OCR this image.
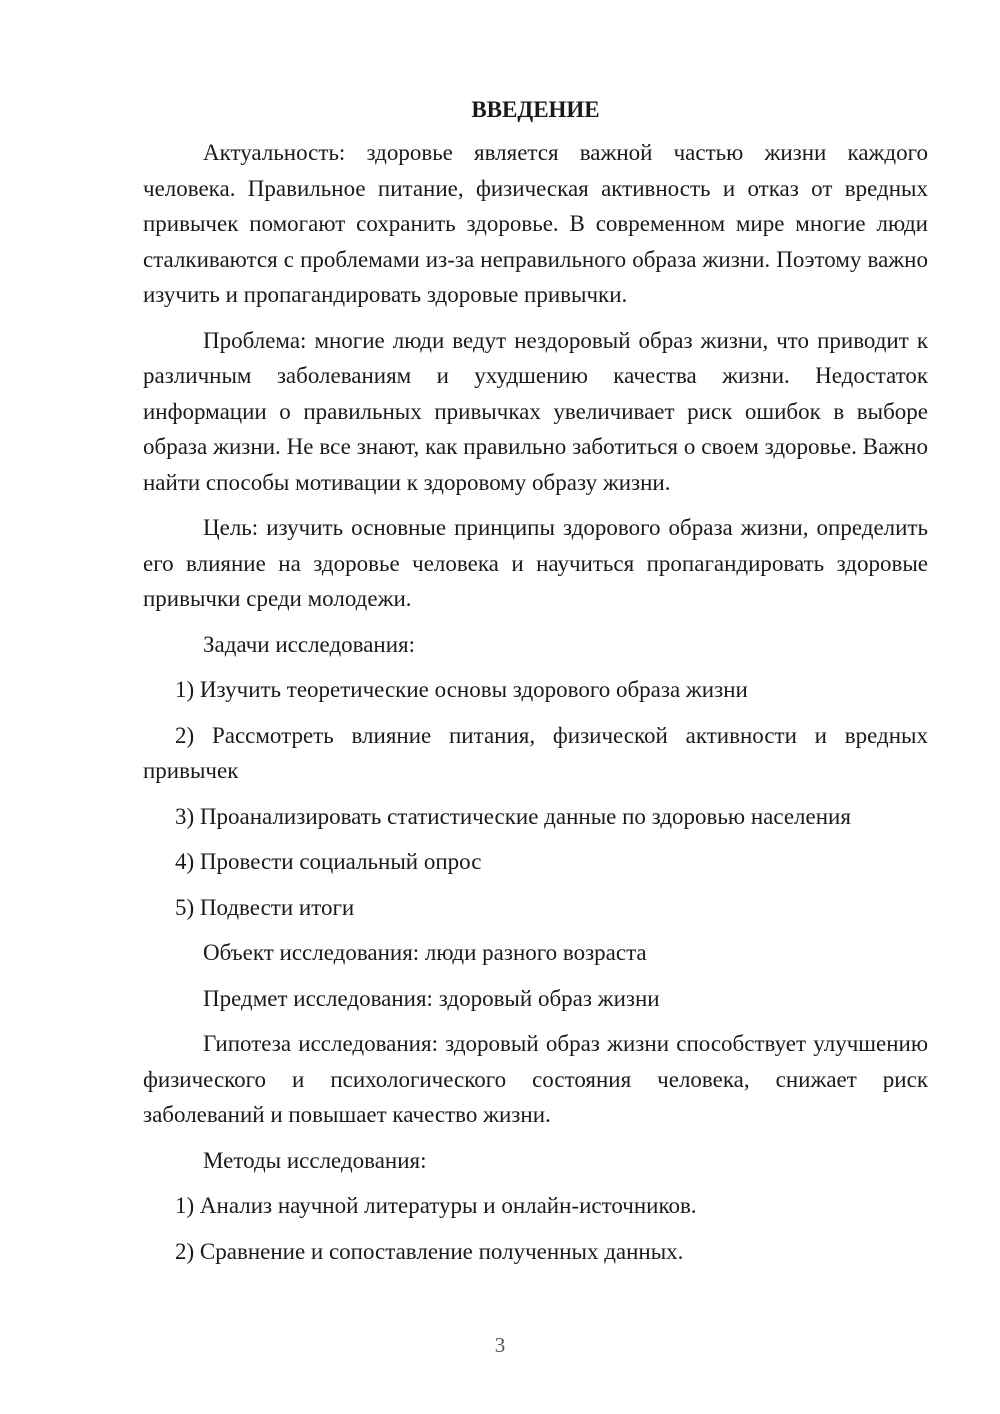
ВВЕДЕНИЕ

Актуальность: здоровье является важной частью жизни каждого человека. Правильное питание, физическая активность и отказ от вредных привычек помогают сохранить здоровье. В современном мире многие люди сталкиваются с проблемами из-за неправильного образа жизни. Поэтому важно изучить и пропагандировать здоровые привычки.

Проблема: многие люди ведут нездоровый образ жизни, что приводит к различным заболеваниям и ухудшению качества жизни. Недостаток информации о правильных привычках увеличивает риск ошибок в выборе образа жизни. Не все знают, как правильно заботиться о своем здоровье. Важно найти способы мотивации к здоровому образу жизни.

Цель: изучить основные принципы здорового образа жизни, определить его влияние на здоровье человека и научиться пропагандировать здоровые привычки среди молодежи.

Задачи исследования:

1) Изучить теоретические основы здорового образа жизни

2) Рассмотреть влияние питания, физической активности и вредных привычек

3) Проанализировать статистические данные по здоровью населения

4) Провести социальный опрос

5) Подвести итоги

Объект исследования: люди разного возраста

Предмет исследования: здоровый образ жизни

Гипотеза исследования: здоровый образ жизни способствует улучшению физического и психологического состояния человека, снижает риск заболеваний и повышает качество жизни.

Методы исследования:

1) Анализ научной литературы и онлайн-источников.

2) Сравнение и сопоставление полученных данных.

3
